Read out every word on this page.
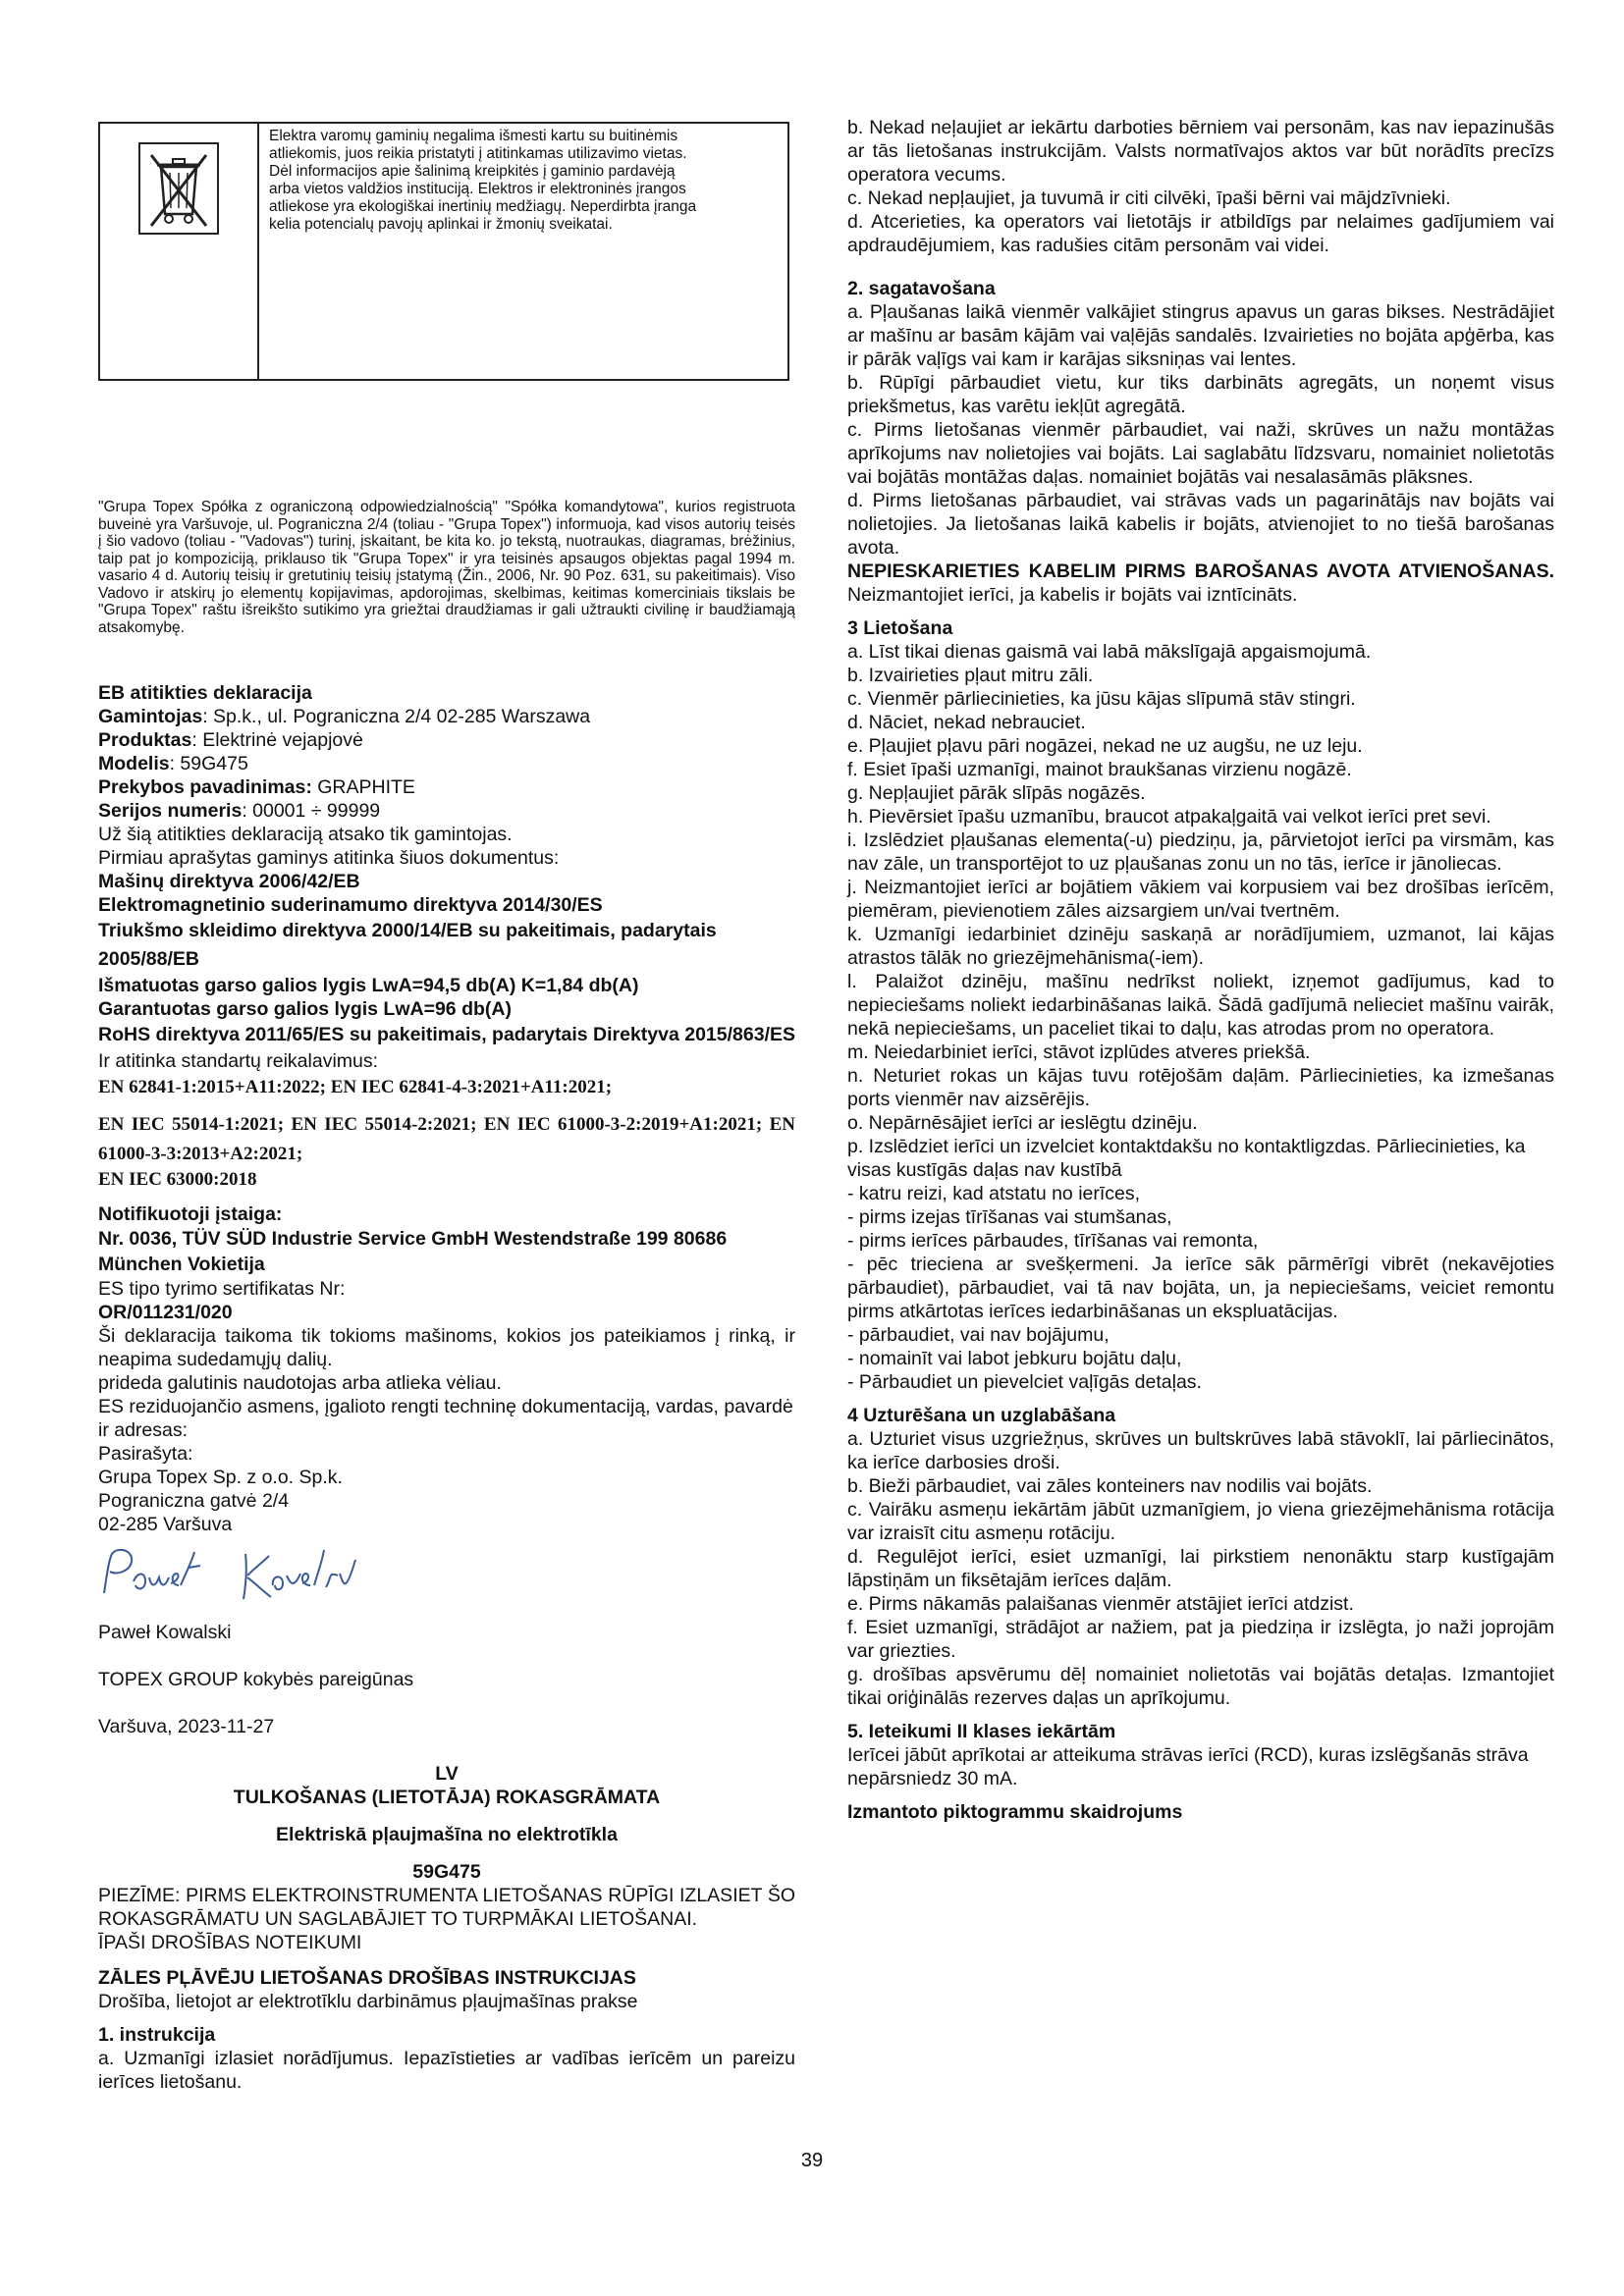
Elektra varomų gaminių negalima išmesti kartu su buitinėmis
atliekomis, juos reikia pristatyti į atitinkamas utilizavimo vietas.
Dėl informacijos apie šalinimą kreipkitės į gaminio pardavėją
arba vietos valdžios instituciją. Elektros ir elektroninės įrangos
atliekose yra ekologiškai inertinių medžiagų. Neperdirbta įranga
kelia potencialų pavojų aplinkai ir žmonių sveikatai.

"Grupa Topex Spółka z ograniczoną odpowiedzialnością" "Spółka komandytowa", kurios registruota buveinė yra Varšuvoje, ul. Pograniczna 2/4 (toliau - "Grupa Topex") informuoja, kad visos autorių teisės į šio vadovo (toliau - "Vadovas") turinį, įskaitant, be kita ko. jo tekstą, nuotraukas, diagramas, brėžinius, taip pat jo kompoziciją, priklauso tik "Grupa Topex" ir yra teisinės apsaugos objektas pagal 1994 m. vasario 4 d. Autorių teisių ir gretutinių teisių įstatymą (Žin., 2006, Nr. 90 Poz. 631, su pakeitimais). Viso Vadovo ir atskirų jo elementų kopijavimas, apdorojimas, skelbimas, keitimas komerciniais tikslais be "Grupa Topex" raštu išreikšto sutikimo yra griežtai draudžiamas ir gali užtraukti civilinę ir baudžiamąją atsakomybę.

EB atitikties deklaracija

Gamintojas: Sp.k., ul. Pograniczna 2/4 02-285 Warszawa

Produktas: Elektrinė vejapjovė

Modelis: 59G475

Prekybos pavadinimas: GRAPHITE

Serijos numeris: 00001 ÷ 99999

Už šią atitikties deklaraciją atsako tik gamintojas.

Pirmiau aprašytas gaminys atitinka šiuos dokumentus:

Mašinų direktyva 2006/42/EB

Elektromagnetinio suderinamumo direktyva 2014/30/ES

Triukšmo skleidimo direktyva 2000/14/EB su pakeitimais, padarytais 2005/88/EB

Išmatuotas garso galios lygis LwA=94,5 db(A) K=1,84 db(A)

Garantuotas garso galios lygis LwA=96 db(A)

RoHS direktyva 2011/65/ES su pakeitimais, padarytais Direktyva 2015/863/ES

Ir atitinka standartų reikalavimus:

EN 62841-1:2015+A11:2022; EN IEC 62841-4-3:2021+A11:2021;

EN IEC 55014-1:2021; EN IEC 55014-2:2021; EN IEC 61000-3-2:2019+A1:2021; EN 61000-3-3:2013+A2:2021;

EN IEC 63000:2018

Notifikuotoji įstaiga:

Nr. 0036, TÜV SÜD Industrie Service GmbH Westendstraße 199 80686 München Vokietija

ES tipo tyrimo sertifikatas Nr:

OR/011231/020

Ši deklaracija taikoma tik tokioms mašinoms, kokios jos pateikiamos į rinką, ir neapima sudedamųjų dalių.

prideda galutinis naudotojas arba atlieka vėliau.

ES reziduojančio asmens, įgalioto rengti techninę dokumentaciją, vardas, pavardė ir adresas:

Pasirašyta:

Grupa Topex Sp. z o.o. Sp.k.

Pograniczna gatvė 2/4

02-285 Varšuva

Paweł Kowalski

TOPEX GROUP kokybės pareigūnas

Varšuva, 2023-11-27

LV

TULKOŠANAS (LIETOTĀJA) ROKASGRĀMATA

Elektriskā pļaujmašīna no elektrotīkla

59G475

PIEZĪME: PIRMS ELEKTROINSTRUMENTA LIETOŠANAS RŪPĪGI IZLASIET ŠO ROKASGRĀMATU UN SAGLABĀJIET TO TURPMĀKAI LIETOŠANAI.

ĪPAŠI DROŠĪBAS NOTEIKUMI

ZĀLES PĻĀVĒJU LIETOŠANAS DROŠĪBAS INSTRUKCIJAS

Drošība, lietojot ar elektrotīklu darbināmus pļaujmašīnas prakse

1. instrukcija

a. Uzmanīgi izlasiet norādījumus. Iepazīstieties ar vadības ierīcēm un pareizu ierīces lietošanu.

b. Nekad neļaujiet ar iekārtu darboties bērniem vai personām, kas nav iepazinušās ar tās lietošanas instrukcijām. Valsts normatīvajos aktos var būt norādīts precīzs operatora vecums.

c. Nekad nepļaujiet, ja tuvumā ir citi cilvēki, īpaši bērni vai mājdzīvnieki.

d. Atcerieties, ka operators vai lietotājs ir atbildīgs par nelaimes gadījumiem vai apdraudējumiem, kas radušies citām personām vai videi.

2. sagatavošana

a. Pļaušanas laikā vienmēr valkājiet stingrus apavus un garas bikses. Nestrādājiet ar mašīnu ar basām kājām vai vaļējās sandalēs. Izvairieties no bojāta apģērba, kas ir pārāk vaļīgs vai kam ir karājas siksniņas vai lentes.

b. Rūpīgi pārbaudiet vietu, kur tiks darbināts agregāts, un noņemt visus priekšmetus, kas varētu iekļūt agregātā.

c. Pirms lietošanas vienmēr pārbaudiet, vai naži, skrūves un nažu montāžas aprīkojums nav nolietojies vai bojāts. Lai saglabātu līdzsvaru, nomainiet nolietotās vai bojātās montāžas daļas. nomainiet bojātās vai nesalasāmās plāksnes.

d. Pirms lietošanas pārbaudiet, vai strāvas vads un pagarinātājs nav bojāts vai nolietojies. Ja lietošanas laikā kabelis ir bojāts, atvienojiet to no tiešā barošanas avota.

NEPIESKARIETIES KABELIM PIRMS BAROŠANAS AVOTA ATVIENOŠANAS. Neizmantojiet ierīci, ja kabelis ir bojāts vai izntīcināts.

3 Lietošana

a. Līst tikai dienas gaismā vai labā mākslīgajā apgaismojumā.

b. Izvairieties pļaut mitru zāli.

c. Vienmēr pārliecinieties, ka jūsu kājas slīpumā stāv stingri.

d. Nāciet, nekad nebrauciet.

e. Pļaujiet pļavu pāri nogāzei, nekad ne uz augšu, ne uz leju.

f. Esiet īpaši uzmanīgi, mainot braukšanas virzienu nogāzē.

g. Nepļaujiet pārāk slīpās nogāzēs.

h. Pievērsiet īpašu uzmanību, braucot atpakaļgaitā vai velkot ierīci pret sevi.

i. Izslēdziet pļaušanas elementa(-u) piedziņu, ja, pārvietojot ierīci pa virsmām, kas nav zāle, un transportējot to uz pļaušanas zonu un no tās, ierīce ir jānoliecas.

j. Neizmantojiet ierīci ar bojātiem vākiem vai korpusiem vai bez drošības ierīcēm, piemēram, pievienotiem zāles aizsargiem un/vai tvertnēm.

k. Uzmanīgi iedarbiniet dzinēju saskaņā ar norādījumiem, uzmanot, lai kājas atrastos tālāk no griezējmehānisma(-iem).

l. Palaižot dzinēju, mašīnu nedrīkst noliekt, izņemot gadījumus, kad to nepieciešams noliekt iedarbināšanas laikā. Šādā gadījumā nelieciet mašīnu vairāk, nekā nepieciešams, un paceliet tikai to daļu, kas atrodas prom no operatora.

m. Neiedarbiniet ierīci, stāvot izplūdes atveres priekšā.

n. Neturiet rokas un kājas tuvu rotējošām daļām. Pārliecinieties, ka izmešanas ports vienmēr nav aizsērējis.

o. Nepārnēsājiet ierīci ar ieslēgtu dzinēju.

p. Izslēdziet ierīci un izvelciet kontaktdakšu no kontaktligzdas. Pārliecinieties, ka visas kustīgās daļas nav kustībā

- katru reizi, kad atstatu no ierīces,

- pirms izejas tīrīšanas vai stumšanas,

- pirms ierīces pārbaudes, tīrīšanas vai remonta,

- pēc trieciena ar svešķermeni. Ja ierīce sāk pārmērīgi vibrēt (nekavējoties pārbaudiet), pārbaudiet, vai tā nav bojāta, un, ja nepieciešams, veiciet remontu pirms atkārtotas ierīces iedarbināšanas un ekspluatācijas.

- pārbaudiet, vai nav bojājumu,

- nomainīt vai labot jebkuru bojātu daļu,

- Pārbaudiet un pievelciet vaļīgās detaļas.

4 Uzturēšana un uzglabāšana

a. Uzturiet visus uzgriežņus, skrūves un bultskrūves labā stāvoklī, lai pārliecinātos, ka ierīce darbosies droši.

b. Bieži pārbaudiet, vai zāles konteiners nav nodilis vai bojāts.

c. Vairāku asmeņu iekārtām jābūt uzmanīgiem, jo viena griezējmehānisma rotācija var izraisīt citu asmeņu rotāciju.

d. Regulējot ierīci, esiet uzmanīgi, lai pirkstiem nenonāktu starp kustīgajām lāpstiņām un fiksētajām ierīces daļām.

e. Pirms nākamās palaišanas vienmēr atstājiet ierīci atdzist.

f. Esiet uzmanīgi, strādājot ar nažiem, pat ja piedziņa ir izslēgta, jo naži joprojām var griezties.

g. drošības apsvērumu dēļ nomainiet nolietotās vai bojātās detaļas. Izmantojiet tikai oriģinālās rezerves daļas un aprīkojumu.

5. Ieteikumi II klases iekārtām

Ierīcei jābūt aprīkotai ar atteikuma strāvas ierīci (RCD), kuras izslēgšanās strāva nepārsniedz 30 mA.

Izmantoto piktogrammu skaidrojums

39
